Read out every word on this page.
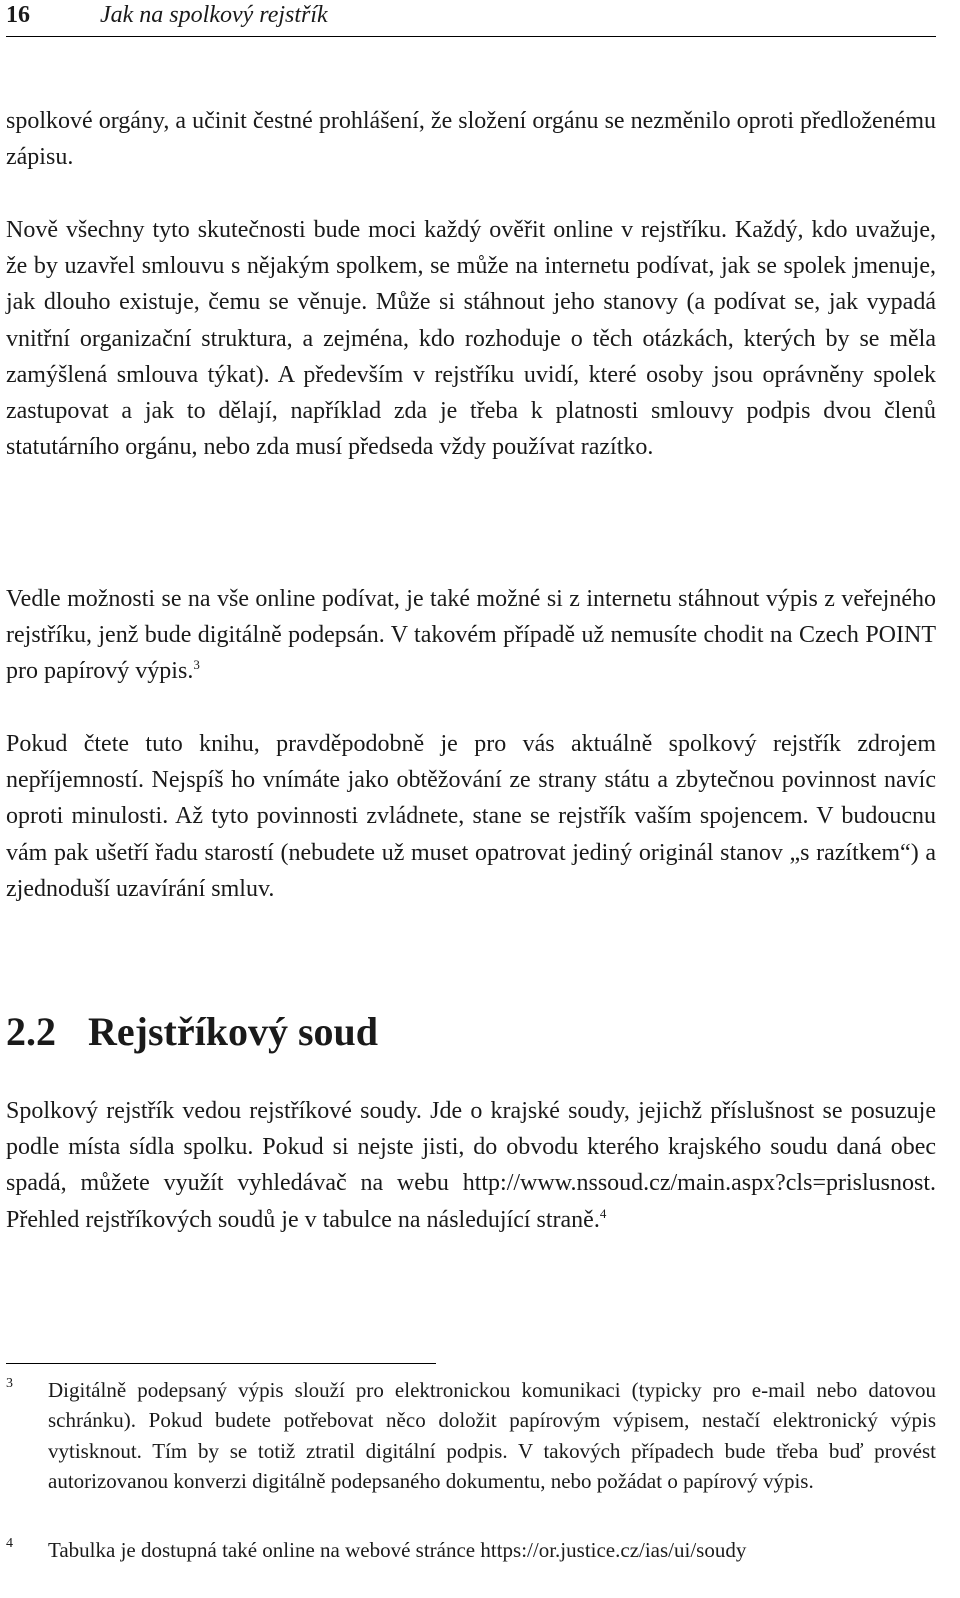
16	Jak na spolkový rejstřík

spolkové orgány, a učinit čestné prohlášení, že složení orgánu se nezměnilo oproti předloženému zápisu.

Nově všechny tyto skutečnosti bude moci každý ověřit online v rejstříku. Každý, kdo uvažuje, že by uzavřel smlouvu s nějakým spolkem, se může na internetu podívat, jak se spolek jmenuje, jak dlouho existuje, čemu se věnuje. Může si stáhnout jeho stanovy (a podívat se, jak vypadá vnitřní organizační struktura, a zejména, kdo rozhoduje o těch otázkách, kterých by se měla zamýšlená smlouva týkat). A především v rejstříku uvidí, které osoby jsou oprávněny spolek zastupovat a jak to dělají, například zda je třeba k platnosti smlouvy podpis dvou členů statutárního orgánu, nebo zda musí předseda vždy používat razítko.

Vedle možnosti se na vše online podívat, je také možné si z internetu stáhnout výpis z veřejného rejstříku, jenž bude digitálně podepsán. V takovém případě už nemusíte chodit na Czech POINT pro papírový výpis.$^3$

Pokud čtete tuto knihu, pravděpodobně je pro vás aktuálně spolkový rejstřík zdrojem nepříjemností. Nejspíš ho vnímáte jako obtěžování ze strany státu a zbytečnou povinnost navíc oproti minulosti. Až tyto povinnosti zvládnete, stane se rejstřík vaším spojencem. V budoucnu vám pak ušetří řadu starostí (nebudete už muset opatrovat jediný originál stanov „s razítkem“) a zjednoduší uzavírání smluv.

2.2 Rejstříkový soud

Spolkový rejstřík vedou rejstříkové soudy. Jde o krajské soudy, jejichž příslušnost se posuzuje podle místa sídla spolku. Pokud si nejste jisti, do obvodu kterého krajského soudu daná obec spadá, můžete využít vyhledávač na webu http://www.nssoud.cz/main.aspx?cls=prislusnost. Přehled rejstříkových soudů je v tabulce na následující straně.$^4$

3 Digitálně podepsaný výpis slouží pro elektronickou komunikaci (typicky pro e-mail nebo datovou schránku). Pokud budete potřebovat něco doložit papírovým výpisem, nestačí elektronický výpis vytisknout. Tím by se totiž ztratil digitální podpis. V takových případech bude třeba buď provést autorizovanou konverzi digitálně podepsaného dokumentu, nebo požádat o papírový výpis.
4 Tabulka je dostupná také online na webové stránce https://or.justice.cz/ias/ui/soudy
